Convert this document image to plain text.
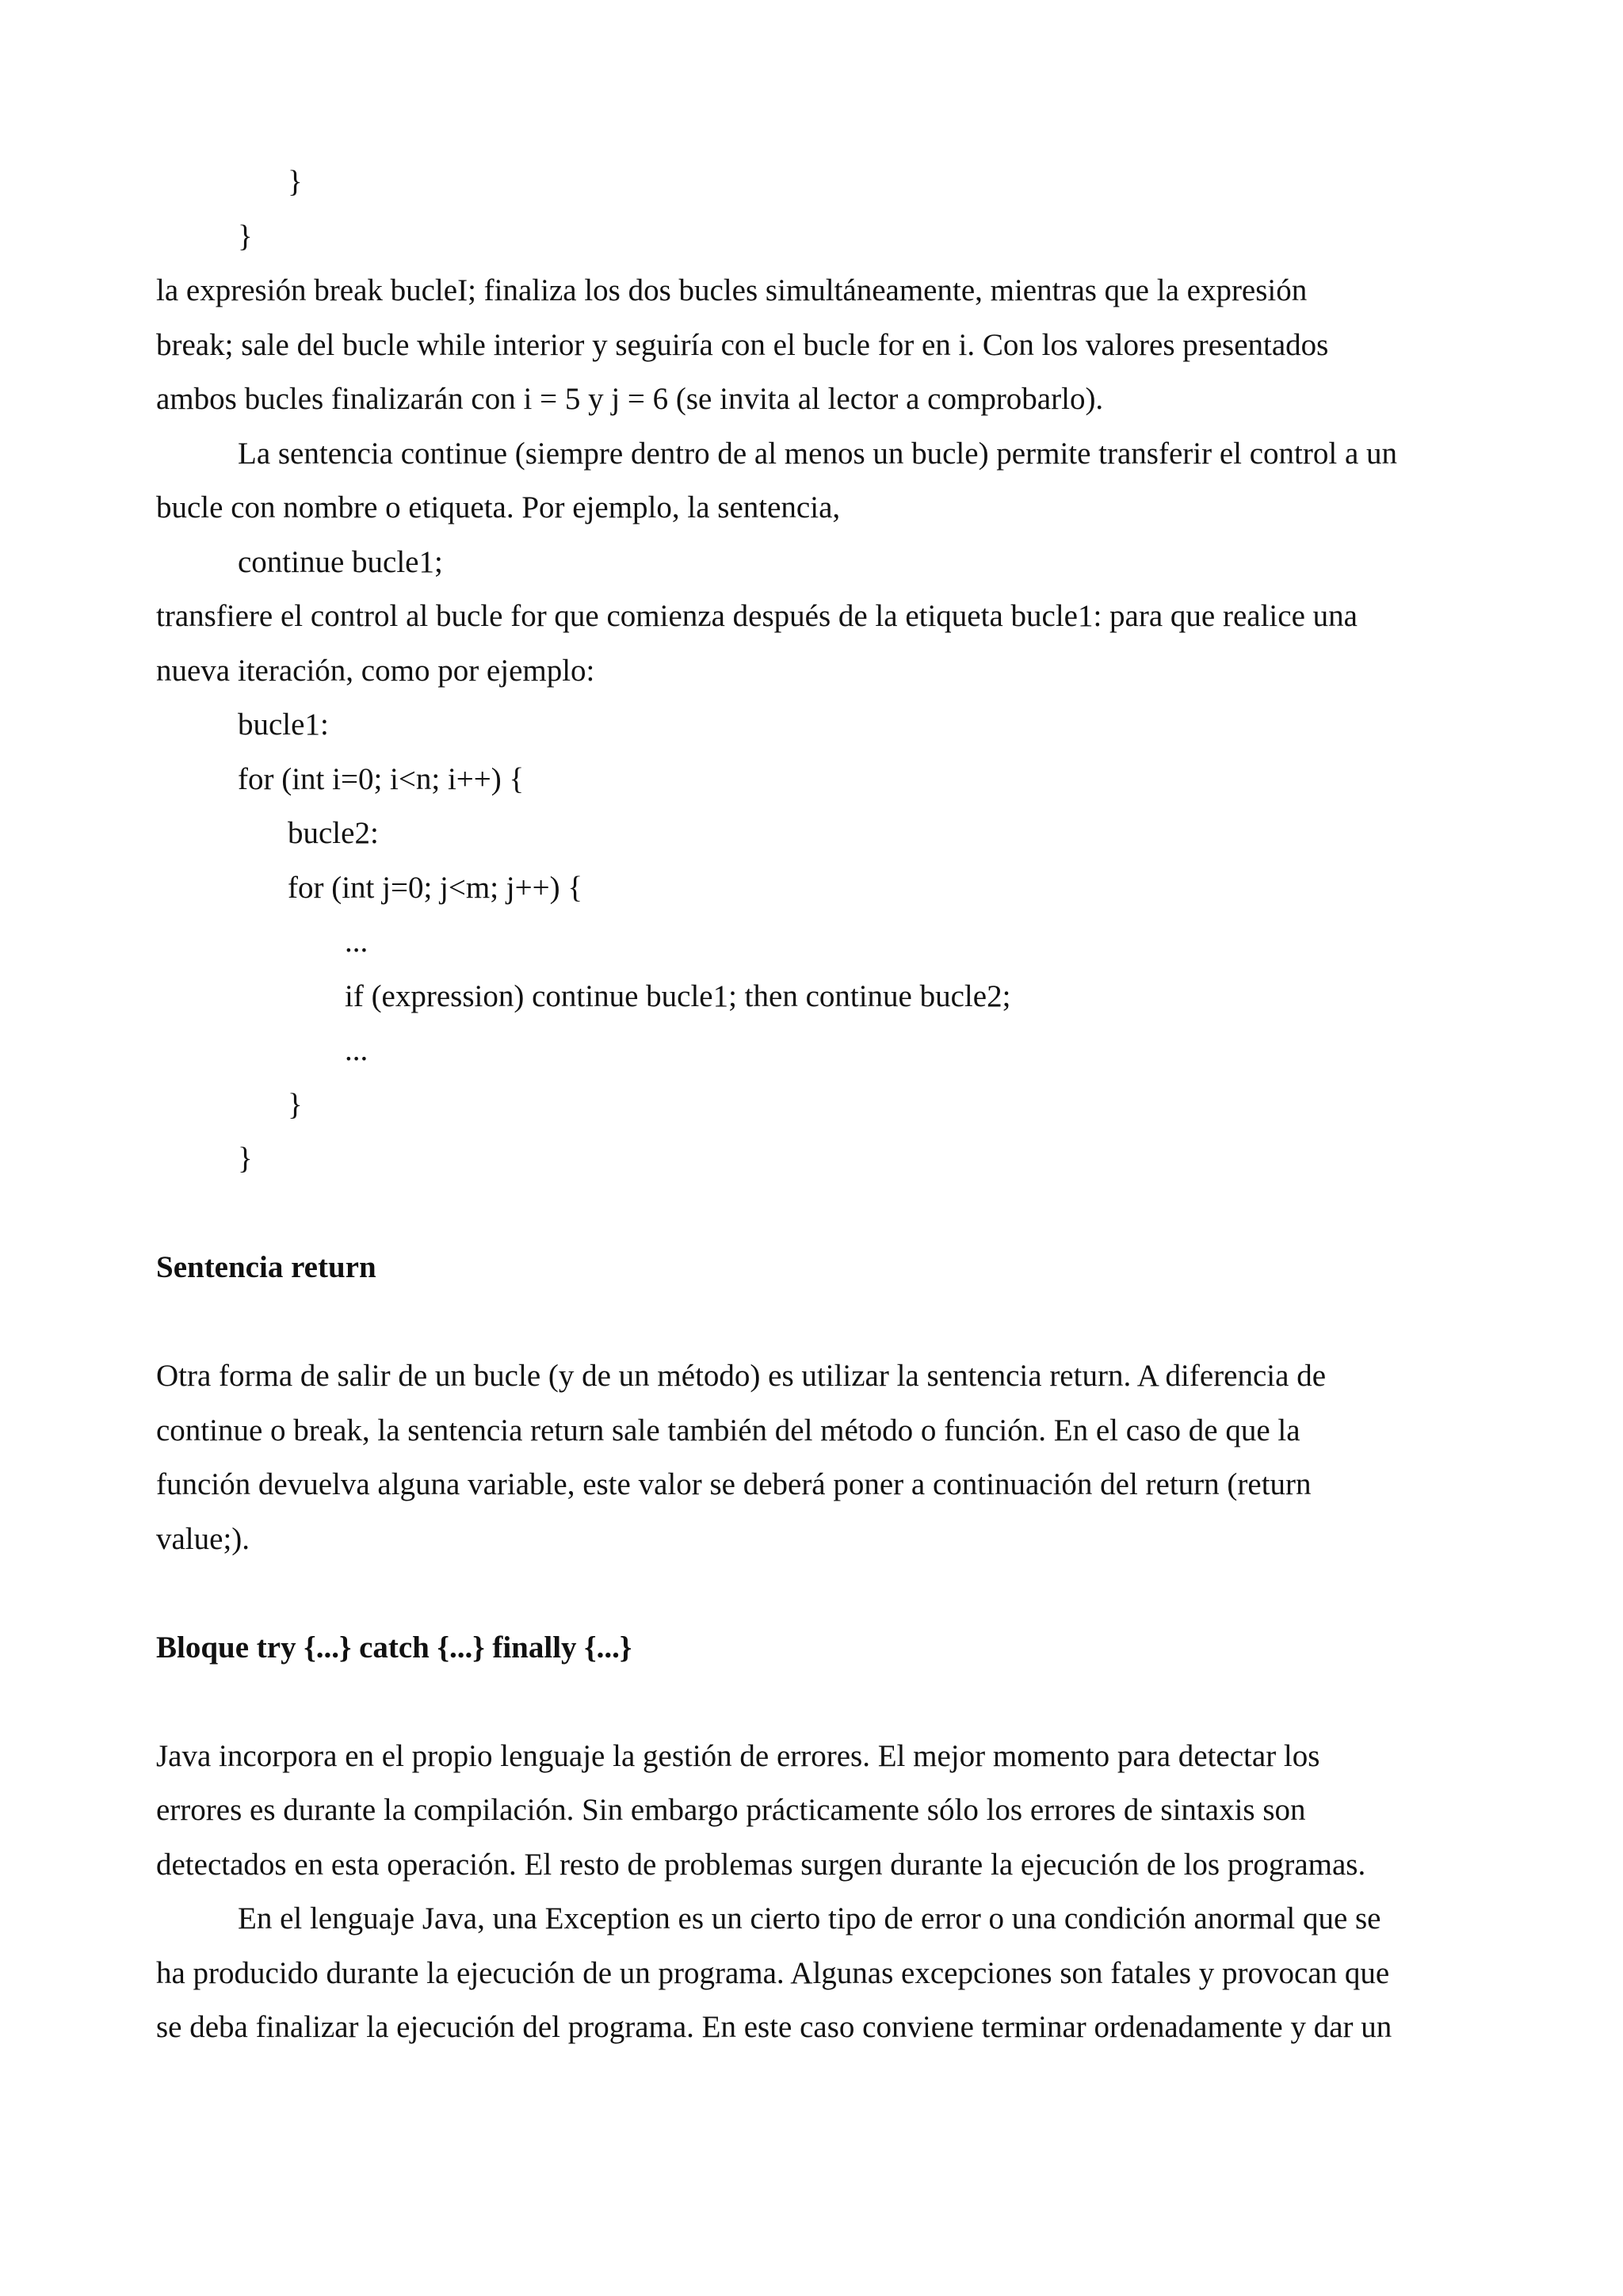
}
}
la expresión break bucleI; finaliza los dos bucles simultáneamente, mientras que la expresión
break; sale del bucle while interior y seguiría con el bucle for en i. Con los valores presentados
ambos bucles finalizarán con i = 5 y j = 6 (se invita al lector a comprobarlo).
La sentencia continue (siempre dentro de al menos un bucle) permite transferir el control a un
bucle con nombre o etiqueta. Por ejemplo, la sentencia,
continue bucle1;
transfiere el control al bucle for que comienza después de la etiqueta bucle1: para que realice una
nueva iteración, como por ejemplo:
bucle1:
for (int i=0; i<n; i++) {
bucle2:
for (int j=0; j<m; j++) {
...
if (expression) continue bucle1; then continue bucle2;
...
}
}
Sentencia return
Otra forma de salir de un bucle (y de un método) es utilizar la sentencia return. A diferencia de
continue o break, la sentencia return sale también del método o función. En el caso de que la
función devuelva alguna variable, este valor se deberá poner a continuación del return (return
value;).
Bloque try {...} catch {...} finally {...}
Java incorpora en el propio lenguaje la gestión de errores. El mejor momento para detectar los
errores es durante la compilación. Sin embargo prácticamente sólo los errores de sintaxis son
detectados en esta operación. El resto de problemas surgen durante la ejecución de los programas.
En el lenguaje Java, una Exception es un cierto tipo de error o una condición anormal que se
ha producido durante la ejecución de un programa. Algunas excepciones son fatales y provocan que
se deba finalizar la ejecución del programa. En este caso conviene terminar ordenadamente y dar un
